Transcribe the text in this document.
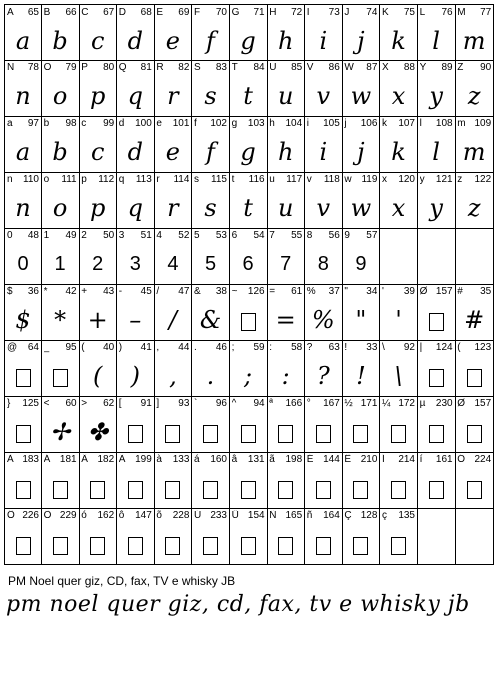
A 65
a
B 66
b
C 67
c
D 68
d
E 69
e
F 70
f
G 71
g
H 72
h
I 73
i
J 74
j
K 75
k
L 76
l
M 77
m
N 78
n
O 79
o
P 80
p
Q 81
q
R 82
r
S 83
s
T 84
t
U 85
u
V 86
v
W 87
w
X 88
x
Y 89
y
Z 90
z
a 97
a
b 98
b
c 99
c
d 100
d
e 101
e
f 102
f
g 103
g
h 104
h
i 105
i
j 106
j
k 107
k
l 108
l
m 109
m
n 110
n
o 111
o
p 112
p
q 113
q
r 114
r
s 115
s
t 116
t
u 117
u
v 118
v
w 119
w
x 120
x
y 121
y
z 122
z
0 48
0
1 49
1
2 50
2
3 51
3
4 52
4
5 53
5
6 54
6
7 55
7
8 56
8
9 57
9
$ 36
$
* 42
*
+ 43
+
- 45
–
/ 47
/
& 38
&
~ 126 = 61
=
% 37
%
" 34
"
' 39
'
Ø 157 # 35
#
@ 64 _ 95 ( 40
(
) 41
)
, 44
,
. 46
.
; 59
;
: 58
:
? 63
?
! 33
!
\ 92
\
| 124 ( 123
} 125 < 60
✢
> 62
✤
[ 91 ] 93 ` 96 ^ 94 ª 166 ° 167 ½ 171 ¼ 172 µ 230 Ø 157
À 183 Á 181 Â 182 Ã 199 à 133 á 160 â 131 ã 198 É 144 Ê 210 Í 214 í 161 Ó 224
Ô 226 Õ 229 ó 162 ô 147 õ 228 Ú 233 Ü 154 Ñ 165 ñ 164 Ç 128 ç 135
PM Noel quer giz, CD, fax, TV e whisky JB
pm noel quer giz, cd, fax, tv e whisky jb
